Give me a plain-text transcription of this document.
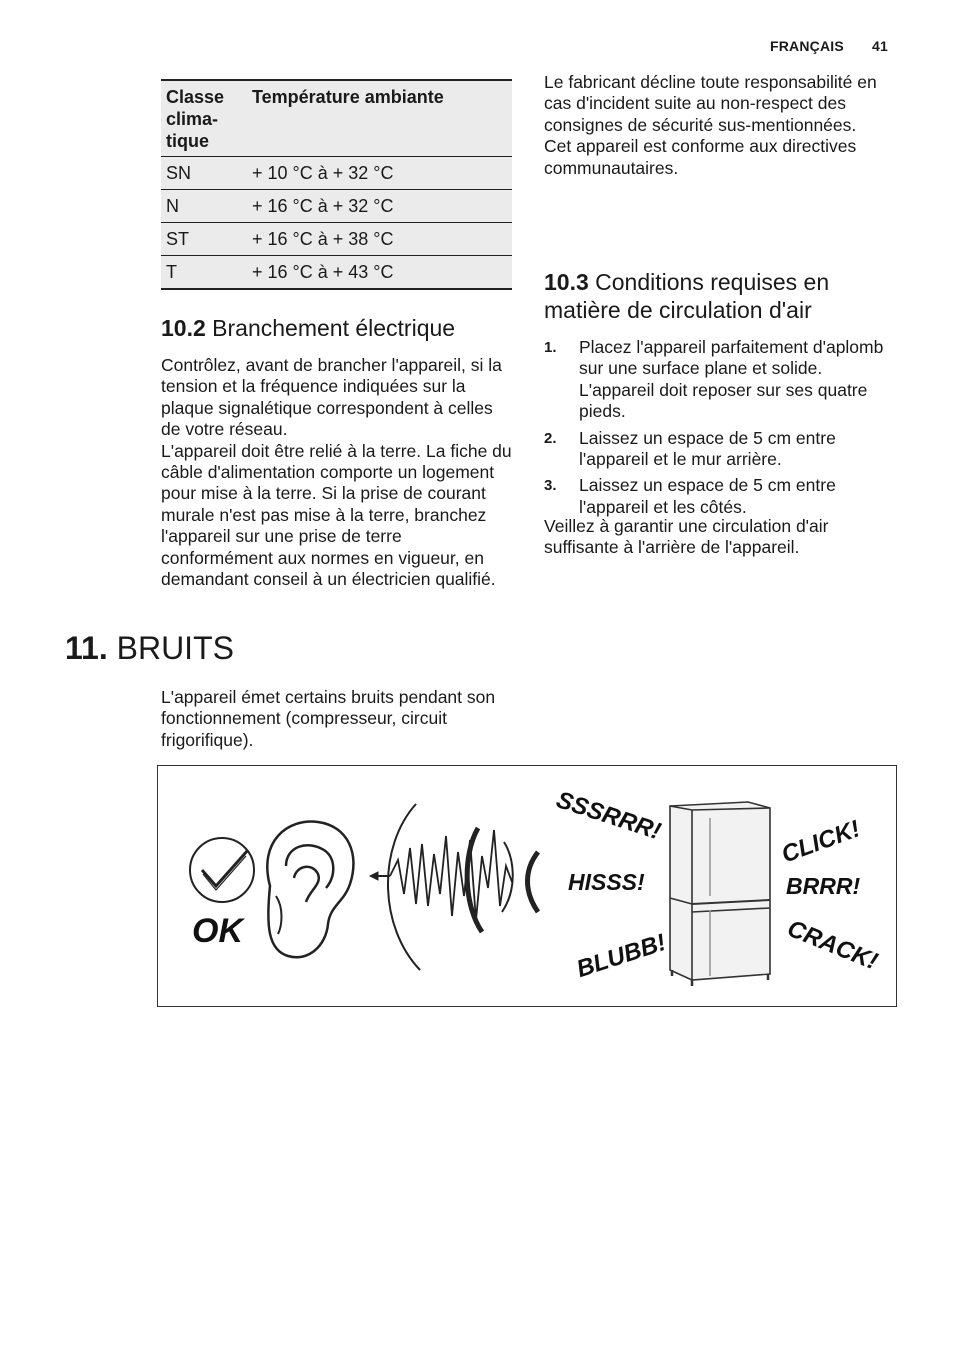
FRANÇAIS 41
Classe
clima-
tique	Température ambiante
SN	+ 10 °C à + 32 °C
N	+ 16 °C à + 32 °C
ST	+ 16 °C à + 38 °C
T	+ 16 °C à + 43 °C
10.2 Branchement électrique

Contrôlez, avant de brancher l'appareil, si la tension et la fréquence indiquées sur la plaque signalétique correspondent à celles de votre réseau.

L'appareil doit être relié à la terre. La fiche du câble d'alimentation comporte un logement pour mise à la terre. Si la prise de courant murale n'est pas mise à la terre, branchez l'appareil sur une prise de terre conformément aux normes en vigueur, en demandant conseil à un électricien qualifié.

Le fabricant décline toute responsabilité en cas d'incident suite au non-respect des consignes de sécurité sus-mentionnées.

Cet appareil est conforme aux directives communautaires.

10.3 Conditions requises en matière de circulation d'air
1. Placez l'appareil parfaitement d'aplomb sur une surface plane et solide. L'appareil doit reposer sur ses quatre pieds.
2. Laissez un espace de 5 cm entre l'appareil et le mur arrière.
3. Laissez un espace de 5 cm entre l'appareil et les côtés.

Veillez à garantir une circulation d'air suffisante à l'arrière de l'appareil.

11. BRUITS

L'appareil émet certains bruits pendant son fonctionnement (compresseur, circuit frigorifique).

OK
SSSRRR!
HISSS!
BLUBB!
CLICK!
BRRR!
CRACK!
